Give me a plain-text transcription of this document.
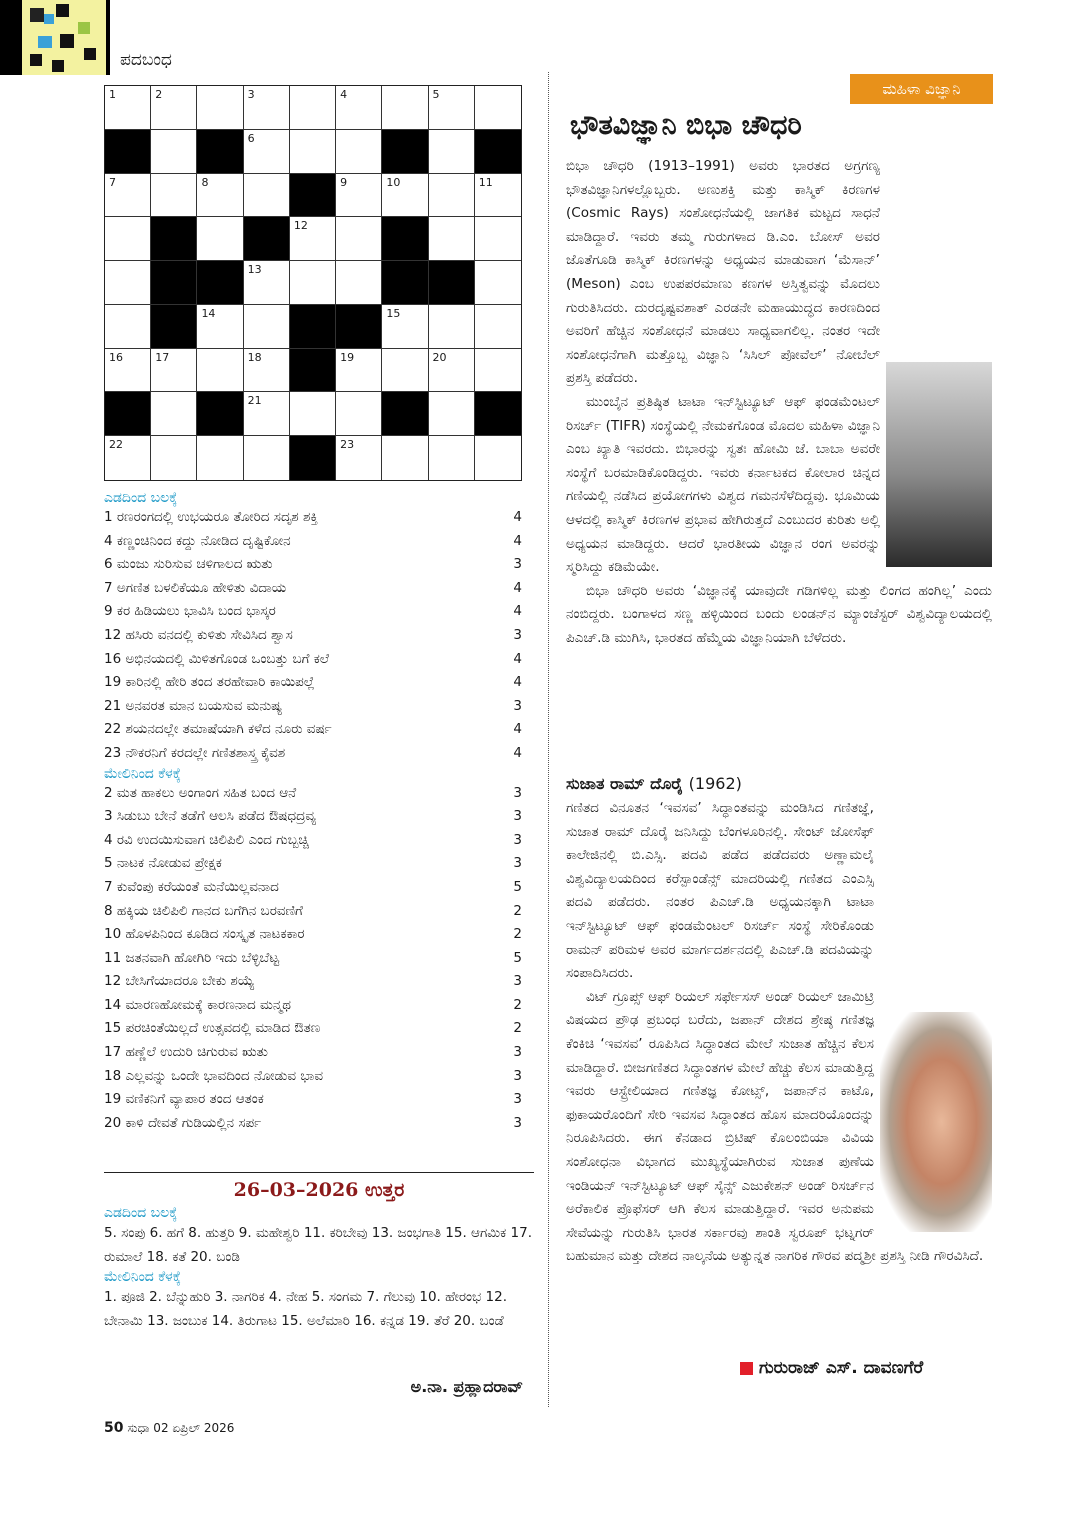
ಪದಬಂಧ
1	2	3	4	5
6
7	8	9	10	11
12
13
14	15
16	17	18	19	20
21
22	23
ಎಡದಿಂದ ಬಲಕ್ಕೆ
1 ರಣರಂಗದಲ್ಲಿ ಉಭಯರೂ ತೋರಿದ ಸದೃಶ ಶಕ್ತಿ	4
4 ಕಣ್ಣಂಚಿನಿಂದ ಕದ್ದು ನೋಡಿದ ದೃಷ್ಟಿಕೋನ	4
6 ಮಂಜು ಸುರಿಸುವ ಚಳಿಗಾಲದ ಋತು	3
7 ಅಗಣಿತ ಬಳಲಿಕೆಯೂ ಹೇಳಿತು ವಿದಾಯ	4
9 ಕರ ಹಿಡಿಯಲು ಭಾವಿಸಿ ಬಂದ ಭಾಸ್ಕರ	4
12 ಹಸಿರು ವನದಲ್ಲಿ ಕುಳಿತು ಸೇವಿಸಿದ ಶ್ವಾಸ	3
16 ಅಭಿನಯದಲ್ಲಿ ಮಿಳಿತಗೊಂಡ ಒಂಬತ್ತು ಬಗೆ ಕಲೆ	4
19 ಕಾರಿನಲ್ಲಿ ಹೇರಿ ತಂದ ತರಹೇವಾರಿ ಕಾಯಿಪಲ್ಲೆ	4
21 ಅನವರತ ಮಾನ ಬಯಸುವ ಮನುಷ್ಯ	3
22 ಶಯನದಲ್ಲೇ ತಮಾಷೆಯಾಗಿ ಕಳೆದ ನೂರು ವರ್ಷ	4
23 ನೌಕರನಿಗೆ ಕರದಲ್ಲೇ ಗಣಿತಶಾಸ್ತ್ರ ಕೈವಶ	4
ಮೇಲಿನಿಂದ ಕೆಳಕ್ಕೆ
2 ಮತ ಹಾಕಲು ಅಂಗಾಂಗ ಸಹಿತ ಬಂದ ಆನೆ	3
3 ಸಿಡುಬು ಬೇನೆ ತಡೆಗೆ ಆಲಸಿ ಪಡೆದ ಔಷಧದ್ರವ್ಯ	3
4 ರವಿ ಉದಯಿಸುವಾಗ ಚಿಲಿಪಿಲಿ ಎಂದ ಗುಬ್ಬಚ್ಚಿ	3
5 ನಾಟಕ ನೋಡುವ ಪ್ರೇಕ್ಷಕ	3
7 ಕುವೆಂಪು ಕರೆಯಂತೆ ಮನೆಯಿಲ್ಲವನಾದ	5
8 ಹಕ್ಕಿಯ ಚಿಲಿಪಿಲಿ ಗಾನದ ಬಗೆಗಿನ ಬರವಣಿಗೆ	2
10 ಹೊಳಪಿನಿಂದ ಕೂಡಿದ ಸಂಸ್ಕೃತ ನಾಟಕಕಾರ	2
11 ಜತನವಾಗಿ ಹೋಗಿರಿ ಇದು ಬೆಳ್ಳಿಬೆಟ್ಟ	5
12 ಬೇಸಿಗೆಯಾದರೂ ಬೇಕು ಶಯ್ಯೆ	3
14 ಮಾರಣಹೋಮಕ್ಕೆ ಕಾರಣನಾದ ಮನ್ಮಥ	2
15 ಪರಚಿಂತೆಯಿಲ್ಲದೆ ಉತ್ಸವದಲ್ಲಿ ಮಾಡಿದ ಔತಣ	2
17 ಹಣ್ಣೆಲೆ ಉದುರಿ ಚಿಗುರುವ ಋತು	3
18 ಎಲ್ಲವನ್ನು ಒಂದೇ ಭಾವದಿಂದ ನೋಡುವ ಭಾವ	3
19 ವಣಿಕನಿಗೆ ವ್ಯಾಪಾರ ತಂದ ಆತಂಕ	3
20 ಕಾಳಿ ದೇವತೆ ಗುಡಿಯಲ್ಲಿನ ಸರ್ಪ	3
26–03–2026 ಉತ್ತರ
ಎಡದಿಂದ ಬಲಕ್ಕೆ
5. ಸಂಪು 6. ಹಗೆ 8. ಹುತ್ತರಿ 9. ಮಹೇಶ್ವರಿ 11. ಕರಿಬೇವು 13. ಜಂಭಗಾತಿ 15. ಆಗಮಿಕ 17. ರುಮಾಲೆ 18. ಕತೆ 20. ಬಂಡಿ
ಮೇಲಿನಿಂದ ಕೆಳಕ್ಕೆ
1. ಪೂಜಿ 2. ಬೆನ್ನುಹುರಿ 3. ನಾಗರಿಕ 4. ನೇಹ 5. ಸಂಗಮ 7. ಗೆಲುವು 10. ಹೇರಂಭ 12. ಬೇನಾಮಿ 13. ಜಂಬುಕ 14. ತಿರುಗಾಟ 15. ಅಲೆಮಾರಿ 16. ಕನ್ನಡ 19. ತೆರೆ 20. ಬಂಡೆ
ಅ.ನಾ. ಪ್ರಹ್ಲಾದರಾವ್
ಮಹಿಳಾ ವಿಜ್ಞಾನಿ
ಭೌತವಿಜ್ಞಾನಿ ಬಿಭಾ ಚೌಧರಿ
ಬಿಭಾ ಚೌಧರಿ (1913–1991) ಅವರು ಭಾರತದ ಅಗ್ರಗಣ್ಯ ಭೌತವಿಜ್ಞಾನಿಗಳಲ್ಲೊಬ್ಬರು. ಅಣುಶಕ್ತಿ ಮತ್ತು ಕಾಸ್ಮಿಕ್ ಕಿರಣಗಳ (Cosmic Rays) ಸಂಶೋಧನೆಯಲ್ಲಿ ಜಾಗತಿಕ ಮಟ್ಟದ ಸಾಧನೆ ಮಾಡಿದ್ದಾರೆ. ಇವರು ತಮ್ಮ ಗುರುಗಳಾದ ಡಿ.ಎಂ. ಬೋಸ್ ಅವರ ಜೊತೆಗೂಡಿ ಕಾಸ್ಮಿಕ್ ಕಿರಣಗಳನ್ನು ಅಧ್ಯಯನ ಮಾಡುವಾಗ ‘ಮೆಸಾನ್’ (Meson) ಎಂಬ ಉಪಪರಮಾಣು ಕಣಗಳ ಅಸ್ತಿತ್ವವನ್ನು ಮೊದಲು ಗುರುತಿಸಿದರು. ದುರದೃಷ್ಟವಶಾತ್ ಎರಡನೇ ಮಹಾಯುದ್ಧದ ಕಾರಣದಿಂದ ಅವರಿಗೆ ಹೆಚ್ಚಿನ ಸಂಶೋಧನೆ ಮಾಡಲು ಸಾಧ್ಯವಾಗಲಿಲ್ಲ. ನಂತರ ಇದೇ ಸಂಶೋಧನೆಗಾಗಿ ಮತ್ತೊಬ್ಬ ವಿಜ್ಞಾನಿ ‘ಸಿಸಿಲ್ ಪೋವೆಲ್’ ನೋಬೆಲ್ ಪ್ರಶಸ್ತಿ ಪಡೆದರು.
ಮುಂಬೈನ ಪ್ರತಿಷ್ಠಿತ ಟಾಟಾ ಇನ್‌ಸ್ಟಿಟ್ಯೂಟ್ ಆಫ್ ಫಂಡಮೆಂಟಲ್ ರಿಸರ್ಚ್ (TIFR) ಸಂಸ್ಥೆಯಲ್ಲಿ ನೇಮಕಗೊಂಡ ಮೊದಲ ಮಹಿಳಾ ವಿಜ್ಞಾನಿ ಎಂಬ ಖ್ಯಾತಿ ಇವರದು. ಬಿಭಾರನ್ನು ಸ್ವತಃ ಹೋಮಿ ಜೆ. ಬಾಬಾ ಅವರೇ ಸಂಸ್ಥೆಗೆ ಬರಮಾಡಿಕೊಂಡಿದ್ದರು. ಇವರು ಕರ್ನಾಟಕದ ಕೋಲಾರ ಚಿನ್ನದ ಗಣಿಯಲ್ಲಿ ನಡೆಸಿದ ಪ್ರಯೋಗಗಳು ವಿಶ್ವದ ಗಮನಸೆಳೆದಿದ್ದವು. ಭೂಮಿಯ ಆಳದಲ್ಲಿ ಕಾಸ್ಮಿಕ್ ಕಿರಣಗಳ ಪ್ರಭಾವ ಹೇಗಿರುತ್ತದೆ ಎಂಬುದರ ಕುರಿತು ಅಲ್ಲಿ ಅಧ್ಯಯನ ಮಾಡಿದ್ದರು. ಆದರೆ ಭಾರತೀಯ ವಿಜ್ಞಾನ ರಂಗ ಅವರನ್ನು ಸ್ಮರಿಸಿದ್ದು ಕಡಿಮೆಯೇ.
ಬಿಭಾ ಚೌಧರಿ ಅವರು ‘ವಿಜ್ಞಾನಕ್ಕೆ ಯಾವುದೇ ಗಡಿಗಳಿಲ್ಲ ಮತ್ತು ಲಿಂಗದ ಹಂಗಿಲ್ಲ’ ಎಂದು ನಂಬಿದ್ದರು. ಬಂಗಾಳದ ಸಣ್ಣ ಹಳ್ಳಿಯಿಂದ ಬಂದು ಲಂಡನ್‌ನ ಮ್ಯಾಂಚೆಸ್ಟರ್ ವಿಶ್ವವಿದ್ಯಾಲಯದಲ್ಲಿ ಪಿಎಚ್.ಡಿ ಮುಗಿಸಿ, ಭಾರತದ ಹೆಮ್ಮೆಯ ವಿಜ್ಞಾನಿಯಾಗಿ ಬೆಳೆದರು.
ಸುಜಾತ ರಾಮ್ ದೊರೈ (1962)
ಗಣಿತದ ವಿನೂತನ ‘ಇವಸವ’ ಸಿದ್ಧಾಂತವನ್ನು ಮಂಡಿಸಿದ ಗಣಿತಜ್ಞೆ, ಸುಜಾತ ರಾಮ್ ದೊರೈ ಜನಿಸಿದ್ದು ಬೆಂಗಳೂರಿನಲ್ಲಿ. ಸೇಂಟ್ ಜೋಸೆಫ್ ಕಾಲೇಜಿನಲ್ಲಿ ಬಿ.ಎಸ್ಸಿ. ಪದವಿ ಪಡೆದ ಪಡೆದವರು ಅಣ್ಣಾಮಲೈ ವಿಶ್ವವಿದ್ಯಾಲಯದಿಂದ ಕರೆಸ್ಪಾಂಡೆನ್ಸ್ ಮಾದರಿಯಲ್ಲಿ ಗಣಿತದ ಎಂಎಸ್ಸಿ ಪದವಿ ಪಡೆದರು. ನಂತರ ಪಿಎಚ್.ಡಿ ಅಧ್ಯಯನಕ್ಕಾಗಿ ಟಾಟಾ ಇನ್‌ಸ್ಟಿಟ್ಯೂಟ್ ಆಫ್ ಫಂಡಮೆಂಟಲ್ ರಿಸರ್ಚ್ ಸಂಸ್ಥೆ ಸೇರಿಕೊಂಡು ರಾಮನ್ ಪರಿಮಳ ಅವರ ಮಾರ್ಗದರ್ಶನದಲ್ಲಿ ಪಿಎಚ್.ಡಿ ಪದವಿಯನ್ನು ಸಂಪಾದಿಸಿದರು.
ವಿಟ್ ಗ್ರೂಪ್ಸ್ ಆಫ್ ರಿಯಲ್ ಸರ್ಫೇಸಸ್ ಅಂಡ್ ರಿಯಲ್ ಜಾಮಿಟ್ರಿ ವಿಷಯದ ಪ್ರೌಢ ಪ್ರಬಂಧ ಬರೆದು, ಜಪಾನ್ ದೇಶದ ಶ್ರೇಷ್ಠ ಗಣಿತಜ್ಞ ಕೆಂಕಿಚಿ ‘ಇವಸವ’ ರೂಪಿಸಿದ ಸಿದ್ಧಾಂತದ ಮೇಲೆ ಸುಜಾತ ಹೆಚ್ಚಿನ ಕೆಲಸ ಮಾಡಿದ್ದಾರೆ. ಬೀಜಗಣಿತದ ಸಿದ್ಧಾಂತಗಳ ಮೇಲೆ ಹೆಚ್ಚು ಕೆಲಸ ಮಾಡುತ್ತಿದ್ದ ಇವರು ಆಸ್ಟ್ರೇಲಿಯಾದ ಗಣಿತಜ್ಞ ಕೋಟ್ಸ್, ಜಪಾನ್‌ನ ಕಾಟೊ, ಫುಕಾಯರೊಂದಿಗೆ ಸೇರಿ ಇವಸವ ಸಿದ್ಧಾಂತದ ಹೊಸ ಮಾದರಿಯೊಂದನ್ನು ನಿರೂಪಿಸಿದರು. ಈಗ ಕೆನಡಾದ ಬ್ರಿಟಿಷ್ ಕೊಲಂಬಿಯಾ ವಿವಿಯ ಸಂಶೋಧನಾ ವಿಭಾಗದ ಮುಖ್ಯಸ್ಥೆಯಾಗಿರುವ ಸುಜಾತ ಪುಣೆಯ ಇಂಡಿಯನ್ ಇನ್‌ಸ್ಟಿಟ್ಯೂಟ್ ಆಫ್ ಸೈನ್ಸ್ ಎಜುಕೇಶನ್ ಅಂಡ್ ರಿಸರ್ಚ್‌ನ ಅರೆಕಾಲಿಕ ಪ್ರೊಫೆಸರ್ ಆಗಿ ಕೆಲಸ ಮಾಡುತ್ತಿದ್ದಾರೆ. ಇವರ ಅನುಪಮ ಸೇವೆಯನ್ನು ಗುರುತಿಸಿ ಭಾರತ ಸರ್ಕಾರವು ಶಾಂತಿ ಸ್ವರೂಪ್ ಭಟ್ನಗರ್ ಬಹುಮಾನ ಮತ್ತು ದೇಶದ ನಾಲ್ಕನೆಯ ಅತ್ಯುನ್ನತ ನಾಗರಿಕ ಗೌರವ ಪದ್ಮಶ್ರೀ ಪ್ರಶಸ್ತಿ ನೀಡಿ ಗೌರವಿಸಿದೆ.
ಗುರುರಾಜ್ ಎಸ್. ದಾವಣಗೆರೆ
50 ಸುಧಾ 02 ಏಪ್ರಿಲ್ 2026
